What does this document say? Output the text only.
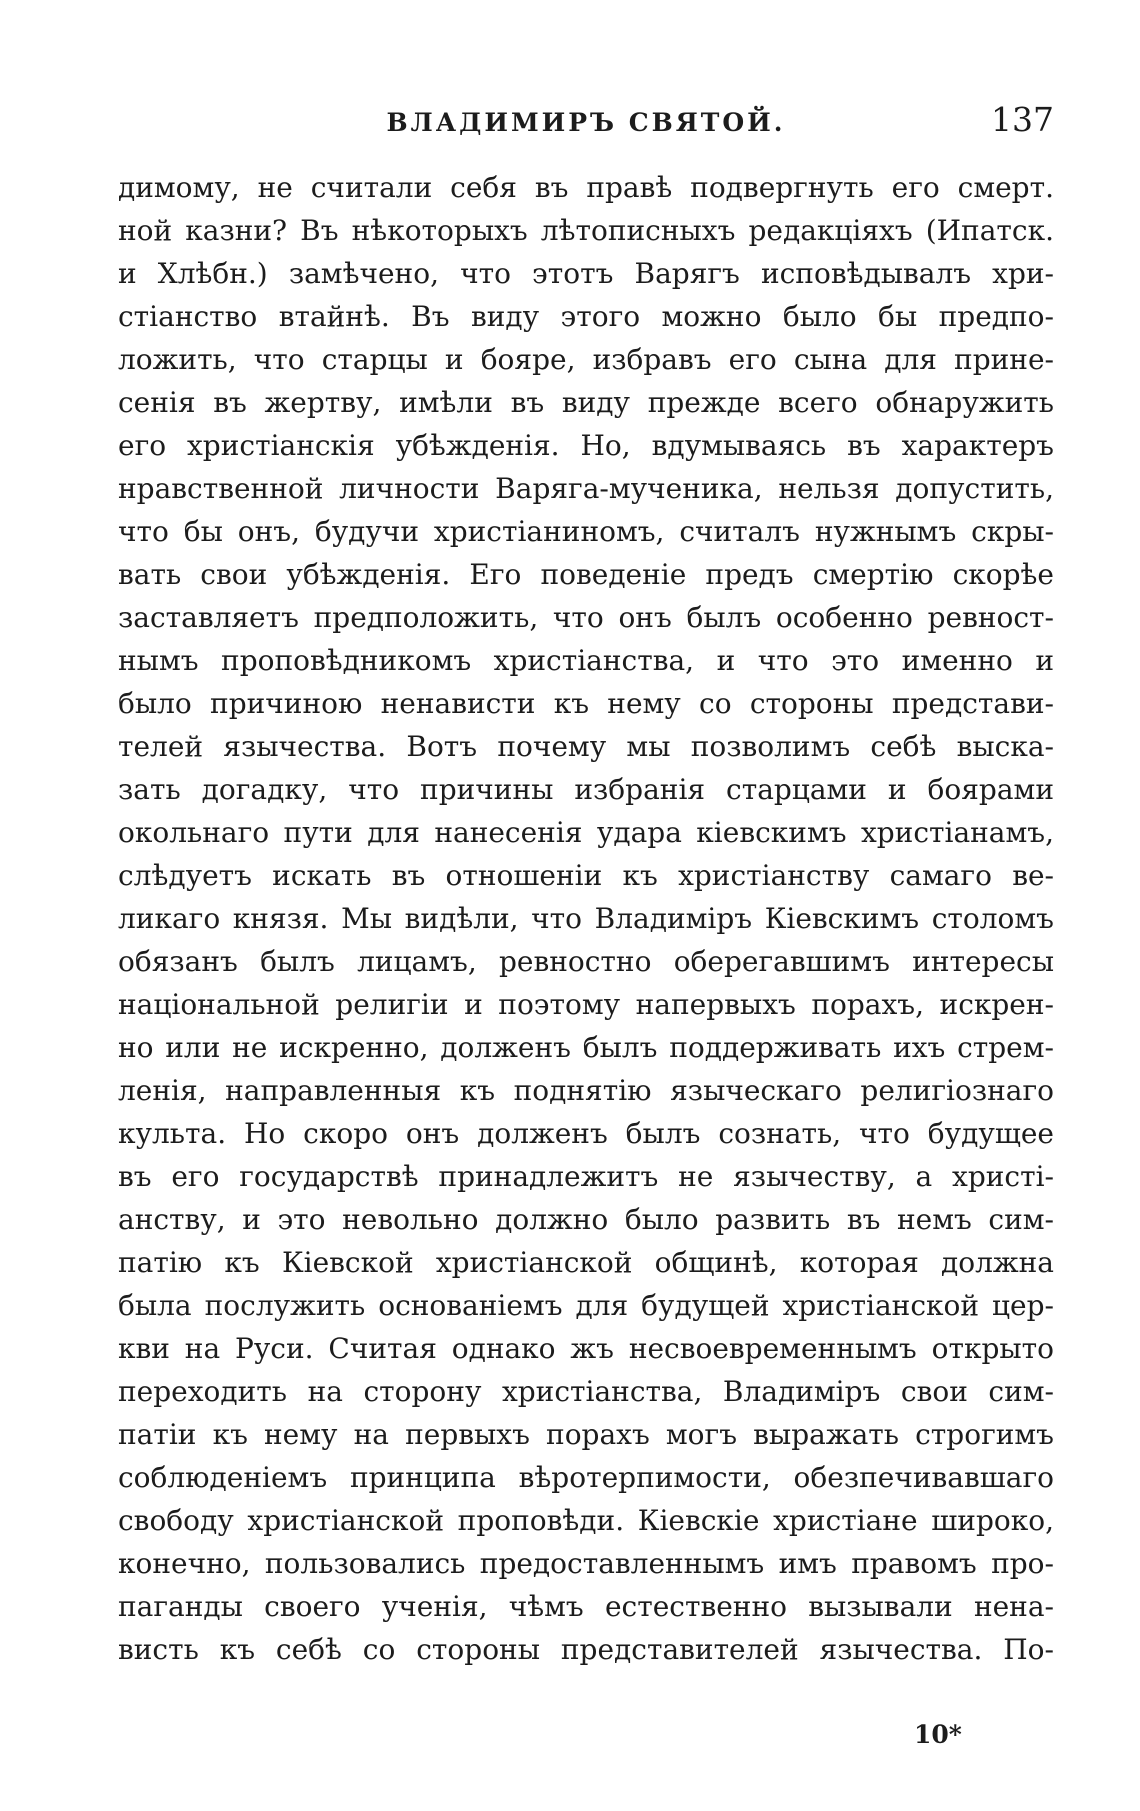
ВЛАДИМИРЪ СВЯТОЙ.	137
димому, не считали себя въ правѣ подвергнуть его смерт.
ной казни? Въ нѣкоторыхъ лѣтописныхъ редакціяхъ (Ипатск.
и Хлѣбн.) замѣчено, что этотъ Варягъ исповѣдывалъ хри-
стіанство втайнѣ. Въ виду этого можно было бы предпо-
ложить, что старцы и бояре, избравъ его сына для прине-
сенія въ жертву, имѣли въ виду прежде всего обнаружить
его христіанскія убѣжденія. Но, вдумываясь въ характеръ
нравственной личности Варяга-мученика, нельзя допустить,
что бы онъ, будучи христіаниномъ, считалъ нужнымъ скры-
вать свои убѣжденія. Его поведеніе предъ смертію скорѣе
заставляетъ предположить, что онъ былъ особенно ревност-
нымъ проповѣдникомъ христіанства, и что это именно и
было причиною ненависти къ нему со стороны представи-
телей язычества. Вотъ почему мы позволимъ себѣ выска-
зать догадку, что причины избранія старцами и боярами
окольнаго пути для нанесенія удара кіевскимъ христіанамъ,
слѣдуетъ искать въ отношеніи къ христіанству самаго ве-
ликаго князя. Мы видѣли, что Владиміръ Кіевскимъ столомъ
обязанъ былъ лицамъ, ревностно оберегавшимъ интересы
національной религіи и поэтому напервыхъ порахъ, искрен-
но или не искренно, долженъ былъ поддерживать ихъ стрем-
ленія, направленныя къ поднятію языческаго религіознаго
культа. Но скоро онъ долженъ былъ сознать, что будущее
въ его государствѣ принадлежитъ не язычеству, а христі-
анству, и это невольно должно было развить въ немъ сим-
патію къ Кіевской христіанской общинѣ, которая должна
была послужить основаніемъ для будущей христіанской цер-
кви на Руси. Считая однако жъ несвоевременнымъ открыто
переходить на сторону христіанства, Владиміръ свои сим-
патіи къ нему на первыхъ порахъ могъ выражать строгимъ
соблюденіемъ принципа вѣротерпимости, обезпечивавшаго
свободу христіанской проповѣди. Кіевскіе христіане широко,
конечно, пользовались предоставленнымъ имъ правомъ про-
паганды своего ученія, чѣмъ естественно вызывали нена-
висть къ себѣ со стороны представителей язычества. По-
10*
